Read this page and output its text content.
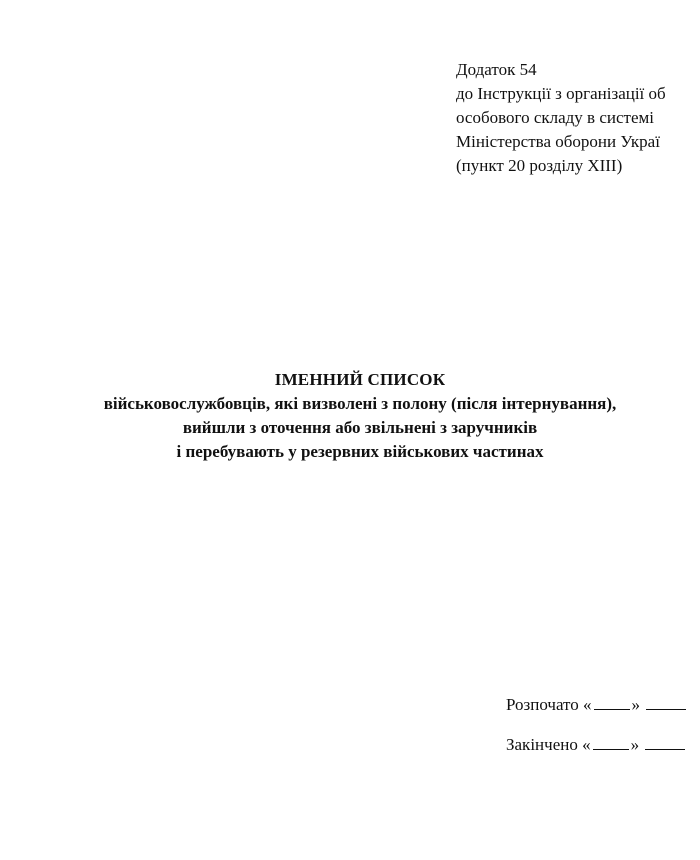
Додаток 54
до Інструкції з організації об
особового складу в системі
Міністерства оборони Украї
(пункт 20 розділу ХІІІ)
ІМЕННИЙ СПИСОК
військовослужбовців, які визволені з полону (після інтернування),
вийшли з оточення або звільнені з заручників
і перебувають у резервних військових частинах
Розпочато « »
Закінчено « »
